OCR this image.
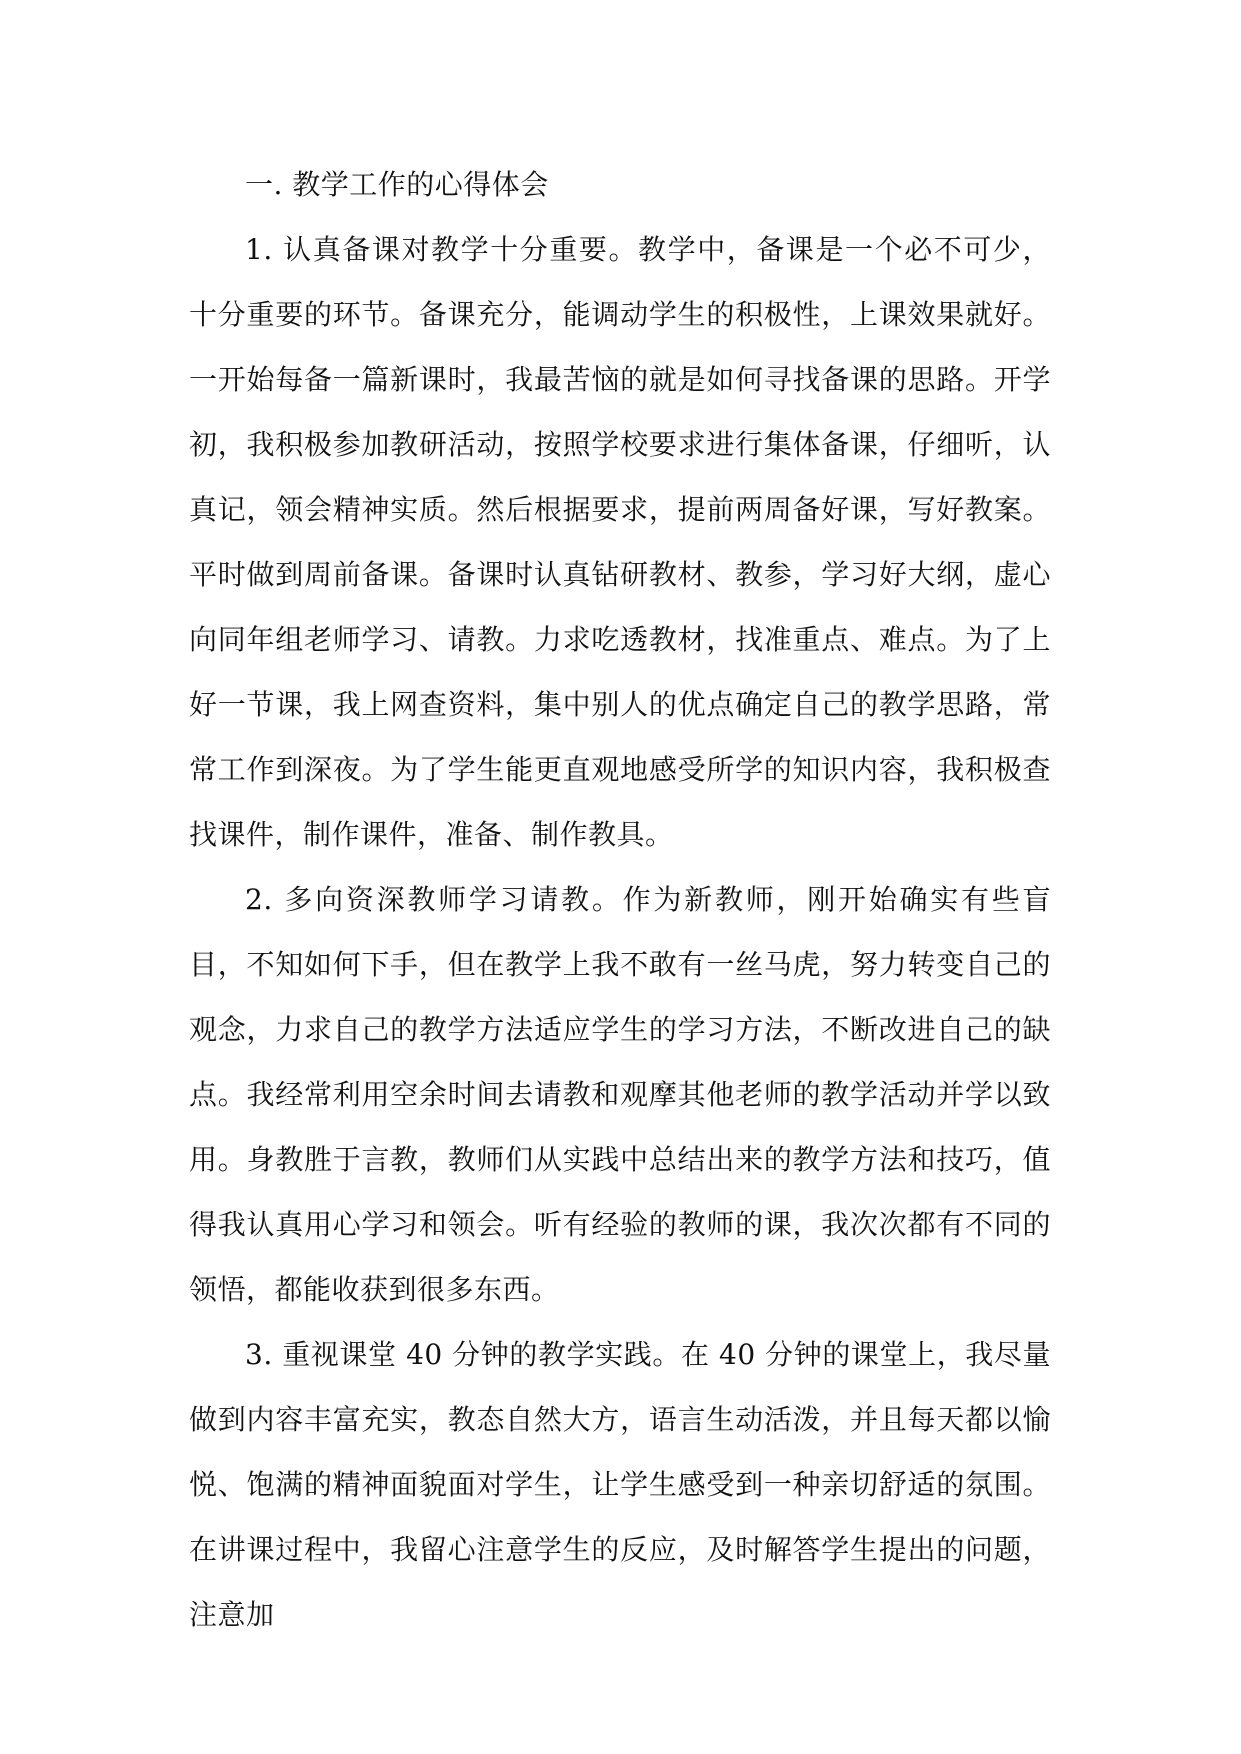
一. 教学工作的心得体会

1. 认真备课对教学十分重要。教学中，备课是一个必不可少，十分重要的环节。备课充分，能调动学生的积极性，上课效果就好。一开始每备一篇新课时，我最苦恼的就是如何寻找备课的思路。开学初，我积极参加教研活动，按照学校要求进行集体备课，仔细听，认真记，领会精神实质。然后根据要求，提前两周备好课，写好教案。平时做到周前备课。备课时认真钻研教材、教参，学习好大纲，虚心向同年组老师学习、请教。力求吃透教材，找准重点、难点。为了上好一节课，我上网查资料，集中别人的优点确定自己的教学思路，常常工作到深夜。为了学生能更直观地感受所学的知识内容，我积极查找课件，制作课件，准备、制作教具。

2. 多向资深教师学习请教。作为新教师，刚开始确实有些盲目，不知如何下手，但在教学上我不敢有一丝马虎，努力转变自己的观念，力求自己的教学方法适应学生的学习方法，不断改进自己的缺点。我经常利用空余时间去请教和观摩其他老师的教学活动并学以致用。身教胜于言教，教师们从实践中总结出来的教学方法和技巧，值得我认真用心学习和领会。听有经验的教师的课，我次次都有不同的领悟，都能收获到很多东西。

3. 重视课堂 40 分钟的教学实践。在 40 分钟的课堂上，我尽量做到内容丰富充实，教态自然大方，语言生动活泼，并且每天都以愉悦、饱满的精神面貌面对学生，让学生感受到一种亲切舒适的氛围。在讲课过程中，我留心注意学生的反应，及时解答学生提出的问题，注意加
